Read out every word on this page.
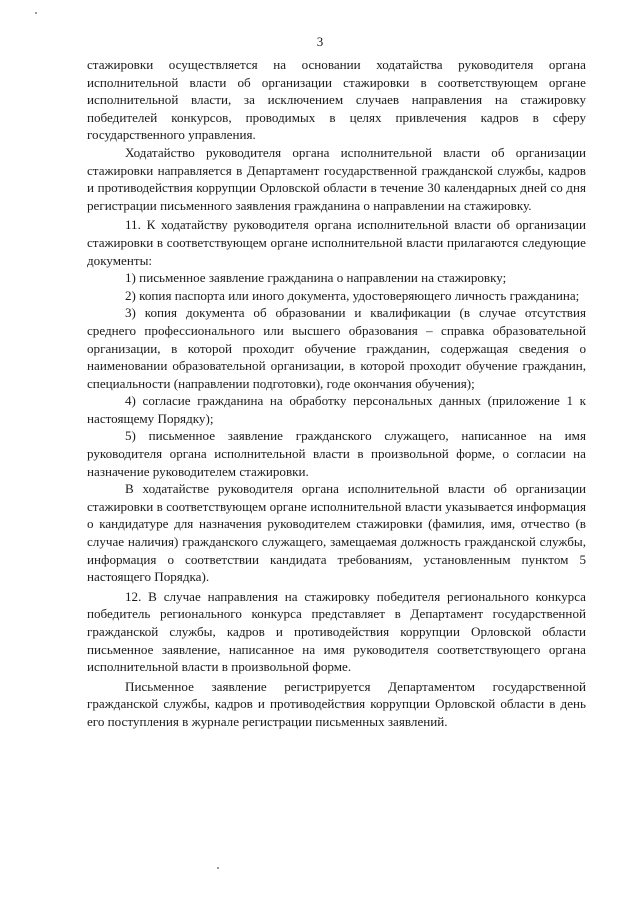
3

стажировки осуществляется на основании ходатайства руководителя органа исполнительной власти об организации стажировки в соответствующем органе исполнительной власти, за исключением случаев направления на стажировку победителей конкурсов, проводимых в целях привлечения кадров в сферу государственного управления.

Ходатайство руководителя органа исполнительной власти об организации стажировки направляется в Департамент государственной гражданской службы, кадров и противодействия коррупции Орловской области в течение 30 календарных дней со дня регистрации письменного заявления гражданина о направлении на стажировку.

11. К ходатайству руководителя органа исполнительной власти об организации стажировки в соответствующем органе исполнительной власти прилагаются следующие документы:

1) письменное заявление гражданина о направлении на стажировку;

2) копия паспорта или иного документа, удостоверяющего личность гражданина;

3) копия документа об образовании и квалификации (в случае отсутствия среднего профессионального или высшего образования – справка образовательной организации, в которой проходит обучение гражданин, содержащая сведения о наименовании образовательной организации, в которой проходит обучение гражданин, специальности (направлении подготовки), годе окончания обучения);

4) согласие гражданина на обработку персональных данных (приложение 1 к настоящему Порядку);

5) письменное заявление гражданского служащего, написанное на имя руководителя органа исполнительной власти в произвольной форме, о согласии на назначение руководителем стажировки.

В ходатайстве руководителя органа исполнительной власти об организации стажировки в соответствующем органе исполнительной власти указывается информация о кандидатуре для назначения руководителем стажировки (фамилия, имя, отчество (в случае наличия) гражданского служащего, замещаемая должность гражданской службы, информация о соответствии кандидата требованиям, установленным пунктом 5 настоящего Порядка).

12. В случае направления на стажировку победителя регионального конкурса победитель регионального конкурса представляет в Департамент государственной гражданской службы, кадров и противодействия коррупции Орловской области письменное заявление, написанное на имя руководителя соответствующего органа исполнительной власти в произвольной форме.

Письменное заявление регистрируется Департаментом государственной гражданской службы, кадров и противодействия коррупции Орловской области в день его поступления в журнале регистрации письменных заявлений.
